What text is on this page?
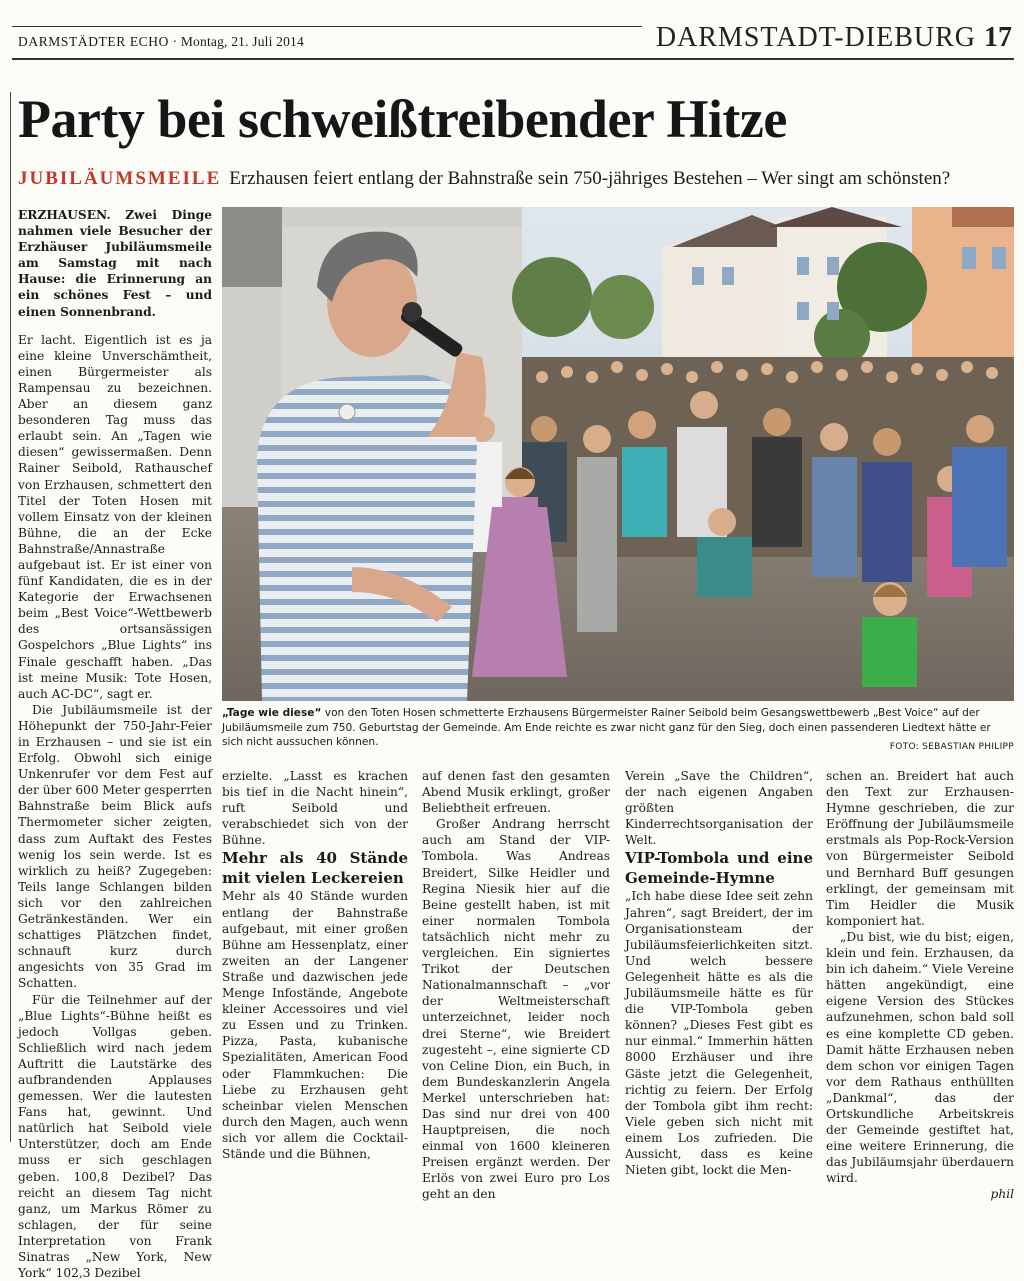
DARMSTÄDTER ECHO · Montag, 21. Juli 2014	DARMSTADT-DIEBURG 17
Party bei schweißtreibender Hitze
JUBILÄUMSMEILE Erzhausen feiert entlang der Bahnstraße sein 750-jähriges Bestehen – Wer singt am schönsten?

ERZHAUSEN. Zwei Dinge nahmen viele Besucher der Erzhäuser Jubiläumsmeile am Samstag mit nach Hause: die Erinnerung an ein schönes Fest – und einen Sonnenbrand.

Er lacht. Eigentlich ist es ja eine kleine Unverschämtheit, einen Bürgermeister als Rampensau zu bezeichnen. Aber an diesem ganz besonderen Tag muss das erlaubt sein. An „Tagen wie diesen“ gewissermaßen. Denn Rainer Seibold, Rathauschef von Erzhausen, schmettert den Titel der Toten Hosen mit vollem Einsatz von der kleinen Bühne, die an der Ecke Bahnstraße/Annastraße aufgebaut ist. Er ist einer von fünf Kandidaten, die es in der Kategorie der Erwachsenen beim „Best Voice“-Wettbewerb des ortsansässigen Gospelchors „Blue Lights“ ins Finale geschafft haben. „Das ist meine Musik: Tote Hosen, auch AC-DC“, sagt er.

Die Jubiläumsmeile ist der Höhepunkt der 750-Jahr-Feier in Erzhausen – und sie ist ein Erfolg. Obwohl sich einige Unkenrufer vor dem Fest auf der über 600 Meter gesperrten Bahnstraße beim Blick aufs Thermometer sicher zeigten, dass zum Auftakt des Festes wenig los sein werde. Ist es wirklich zu heiß? Zugegeben: Teils lange Schlangen bilden sich vor den zahlreichen Getränkeständen. Wer ein schattiges Plätzchen findet, schnauft kurz durch angesichts von 35 Grad im Schatten.

Für die Teilnehmer auf der „Blue Lights“-Bühne heißt es jedoch Vollgas geben. Schließlich wird nach jedem Auftritt die Lautstärke des aufbrandenden Applauses gemessen. Wer die lautesten Fans hat, gewinnt. Und natürlich hat Seibold viele Unterstützer, doch am Ende muss er sich geschlagen geben. 100,8 Dezibel? Das reicht an diesem Tag nicht ganz, um Markus Römer zu schlagen, der für seine Interpretation von Frank Sinatras „New York, New York“ 102,3 Dezibel

„Tage wie diese“ von den Toten Hosen schmetterte Erzhausens Bürgermeister Rainer Seibold beim Gesangswettbewerb „Best Voice“ auf der Jubiläumsmeile zum 750. Geburtstag der Gemeinde. Am Ende reichte es zwar nicht ganz für den Sieg, doch einen passenderen Liedtext hätte er sich nicht aussuchen können.	FOTO: SEBASTIAN PHILIPP

erzielte. „Lasst es krachen bis tief in die Nacht hinein“, ruft Seibold und verabschiedet sich von der Bühne.

Mehr als 40 Stände mit vielen Leckereien

Mehr als 40 Stände wurden entlang der Bahnstraße aufgebaut, mit einer großen Bühne am Hessenplatz, einer zweiten an der Langener Straße und dazwischen jede Menge Infostände, Angebote kleiner Accessoires und viel zu Essen und zu Trinken. Pizza, Pasta, kubanische Spezialitäten, American Food oder Flammkuchen: Die Liebe zu Erzhausen geht scheinbar vielen Menschen durch den Magen, auch wenn sich vor allem die Cocktail-Stände und die Bühnen,

auf denen fast den gesamten Abend Musik erklingt, großer Beliebtheit erfreuen.

Großer Andrang herrscht auch am Stand der VIP-Tombola. Was Andreas Breidert, Silke Heidler und Regina Niesik hier auf die Beine gestellt haben, ist mit einer normalen Tombola tatsächlich nicht mehr zu vergleichen. Ein signiertes Trikot der Deutschen Nationalmannschaft – „vor der Weltmeisterschaft unterzeichnet, leider noch drei Sterne“, wie Breidert zugesteht –, eine signierte CD von Celine Dion, ein Buch, in dem Bundeskanzlerin Angela Merkel unterschrieben hat: Das sind nur drei von 400 Hauptpreisen, die noch einmal von 1600 kleineren Preisen ergänzt werden. Der Erlös von zwei Euro pro Los geht an den

Verein „Save the Children“, der nach eigenen Angaben größten Kinderrechtsorganisation der Welt.

VIP-Tombola und eine Gemeinde-Hymne

„Ich habe diese Idee seit zehn Jahren“, sagt Breidert, der im Organisationsteam der Jubiläumsfeierlichkeiten sitzt. Und welch bessere Gelegenheit hätte es als die Jubiläumsmeile hätte es für die VIP-Tombola geben können? „Dieses Fest gibt es nur einmal.“ Immerhin hätten 8000 Erzhäuser und ihre Gäste jetzt die Gelegenheit, richtig zu feiern. Der Erfolg der Tombola gibt ihm recht: Viele geben sich nicht mit einem Los zufrieden. Die Aussicht, dass es keine Nieten gibt, lockt die Men-

schen an. Breidert hat auch den Text zur Erzhausen-Hymne geschrieben, die zur Eröffnung der Jubiläumsmeile erstmals als Pop-Rock-Version von Bürgermeister Seibold und Bernhard Buff gesungen erklingt, der gemeinsam mit Tim Heidler die Musik komponiert hat.

„Du bist, wie du bist; eigen, klein und fein. Erzhausen, da bin ich daheim.“ Viele Vereine hätten angekündigt, eine eigene Version des Stückes aufzunehmen, schon bald soll es eine komplette CD geben. Damit hätte Erzhausen neben dem schon vor einigen Tagen vor dem Rathaus enthüllten „Dankmal“, das der Ortskundliche Arbeitskreis der Gemeinde gestiftet hat, eine weitere Erinnerung, die das Jubiläumsjahr überdauern wird.

phil
